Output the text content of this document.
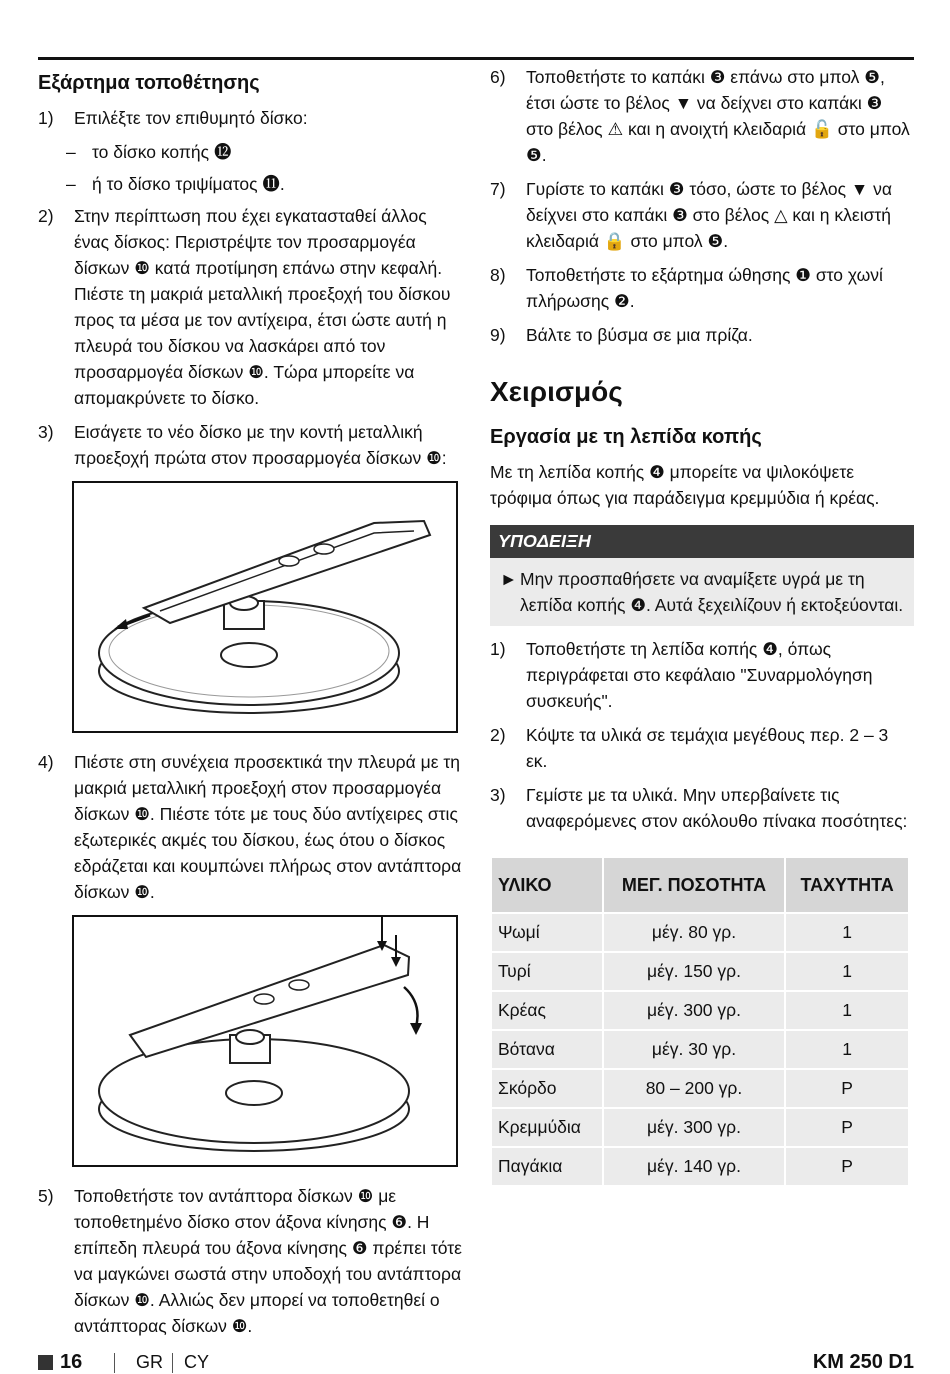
Εξάρτημα τοποθέτησης
1)	Επιλέξτε τον επιθυμητό δίσκο:
– το δίσκο κοπής ⓬
– ή το δίσκο τριψίματος ⓫.
2)	Στην περίπτωση που έχει εγκατασταθεί άλλος ένας δίσκος: Περιστρέψτε τον προσαρμογέα δίσκων ❿ κατά προτίμηση επάνω στην κεφαλή. Πιέστε τη μακριά μεταλλική προεξοχή του δίσκου προς τα μέσα με τον αντίχειρα, έτσι ώστε αυτή η πλευρά του δίσκου να λασκάρει από τον προσαρμογέα δίσκων ❿. Τώρα μπορείτε να απομακρύνετε το δίσκο.
3)	Εισάγετε το νέο δίσκο με την κοντή μεταλλική προεξοχή πρώτα στον προσαρμογέα δίσκων ❿:
4)	Πιέστε στη συνέχεια προσεκτικά την πλευρά με τη μακριά μεταλλική προεξοχή στον προσαρμογέα δίσκων ❿. Πιέστε τότε με τους δύο αντίχειρες στις εξωτερικές ακμές του δίσκου, έως ότου ο δίσκος εδράζεται και κουμπώνει πλήρως στον αντάπτορα δίσκων ❿.
5)	Τοποθετήστε τον αντάπτορα δίσκων ❿ με τοποθετημένο δίσκο στον άξονα κίνησης ❻. Η επίπεδη πλευρά του άξονα κίνησης ❻ πρέπει τότε να μαγκώνει σωστά στην υποδοχή του αντάπτορα δίσκων ❿. Αλλιώς δεν μπορεί να τοποθετηθεί ο αντάπτορας δίσκων ❿.
6)	Τοποθετήστε το καπάκι ❸ επάνω στο μπολ ❺, έτσι ώστε το βέλος ▼ να δείχνει στο καπάκι ❸ στο βέλος ⚠ και η ανοιχτή κλειδαριά 🔓 στο μπολ ❺.
7)	Γυρίστε το καπάκι ❸ τόσο, ώστε το βέλος ▼ να δείχνει στο καπάκι ❸ στο βέλος △ και η κλειστή κλειδαριά 🔒 στο μπολ ❺.
8)	Τοποθετήστε το εξάρτημα ώθησης ❶ στο χωνί πλήρωσης ❷.
9)	Βάλτε το βύσμα σε μια πρίζα.
Χειρισμός
Εργασία με τη λεπίδα κοπής
Με τη λεπίδα κοπής ❹ μπορείτε να ψιλοκόψετε τρόφιμα όπως για παράδειγμα κρεμμύδια ή κρέας.
ΥΠΟΔΕΙΞΗ
► Μην προσπαθήσετε να αναμίξετε υγρά με τη λεπίδα κοπής ❹. Αυτά ξεχειλίζουν ή εκτοξεύονται.
1)	Τοποθετήστε τη λεπίδα κοπής ❹, όπως περιγράφεται στο κεφάλαιο "Συναρμολόγηση συσκευής".
2)	Κόψτε τα υλικά σε τεμάχια μεγέθους περ. 2 – 3 εκ.
3)	Γεμίστε με τα υλικά. Μην υπερβαίνετε τις αναφερόμενες στον ακόλουθο πίνακα ποσότητες:
ΥΛΙΚΟ	ΜΕΓ. ΠΟΣΟΤΗΤΑ	ΤΑΧΥΤΗΤΑ
Ψωμί	μέγ. 80 γρ.	1
Τυρί	μέγ. 150 γρ.	1
Κρέας	μέγ. 300 γρ.	1
Βότανα	μέγ. 30 γρ.	1
Σκόρδο	80 – 200 γρ.	P
Κρεμμύδια	μέγ. 300 γρ.	P
Παγάκια	μέγ. 140 γρ.	P
16	GR CY	KM 250 D1
